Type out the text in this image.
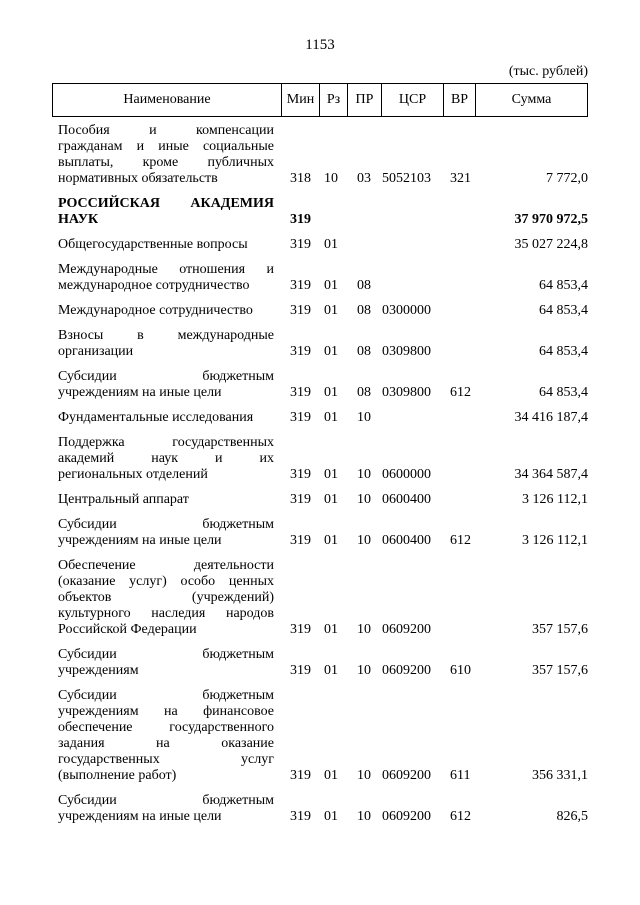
1153
(тыс. рублей)
Наименование	Мин Рз	ПР	ЦСР	ВР	Сумма
Пособия и компенсации
гражданам и иные социальные
выплаты, кроме публичных
нормативных обязательств	318 10 03 5052103 321	7 772,0
РОССИЙСКАЯ АКАДЕМИЯ
НАУК	319	37 970 972,5
Общегосударственные вопросы	319 01	35 027 224,8
Международные отношения и
международное сотрудничество	319 01 08	64 853,4
Международное сотрудничество	319 01 08 0300000	64 853,4
Взносы в международные
организации	319 01 08 0309800	64 853,4
Субсидии бюджетным
учреждениям на иные цели	319 01 08 0309800 612	64 853,4
Фундаментальные исследования	319 01 10	34 416 187,4
Поддержка государственных
академий наук и их
региональных отделений	319 01 10 0600000	34 364 587,4
Центральный аппарат	319 01 10 0600400	3 126 112,1
Субсидии бюджетным
учреждениям на иные цели	319 01 10 0600400 612	3 126 112,1
Обеспечение деятельности
(оказание услуг) особо ценных
объектов (учреждений)
культурного наследия народов
Российской Федерации	319 01 10 0609200	357 157,6
Субсидии бюджетным
учреждениям	319 01 10 0609200 610	357 157,6
Субсидии бюджетным
учреждениям на финансовое
обеспечение государственного
задания на оказание
государственных услуг
(выполнение работ)	319 01 10 0609200 611	356 331,1
Субсидии бюджетным
учреждениям на иные цели	319 01 10 0609200 612	826,5
